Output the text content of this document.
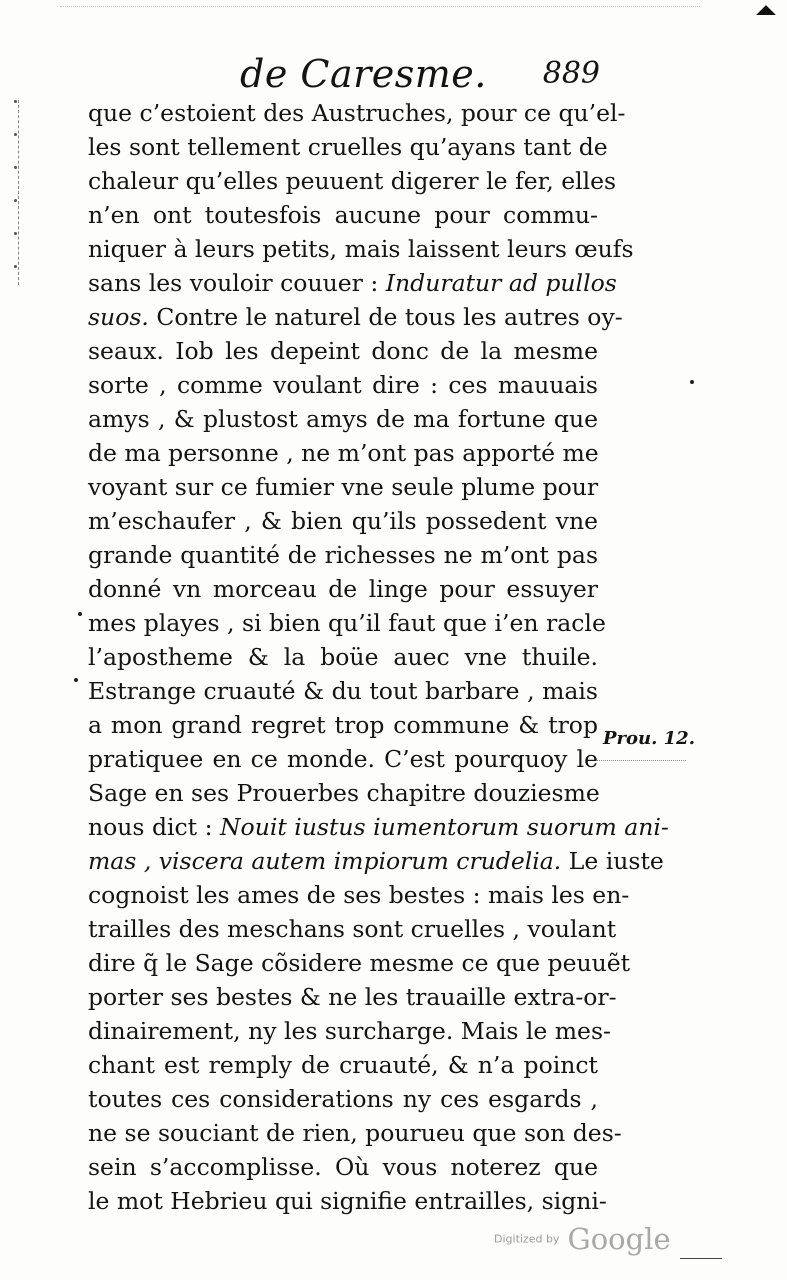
de Caresme. 889
que c’estoient des Austruches, pour ce qu’el-
les sont tellement cruelles qu’ayans tant de
chaleur qu’elles peuuent digerer le fer, elles
n’en ont toutesfois aucune pour commu-
niquer à leurs petits, mais laissent leurs œufs
sans les vouloir couuer : Induratur ad pullos
suos. Contre le naturel de tous les autres oy-
seaux. Iob les depeint donc de la mesme
sorte , comme voulant dire : ces mauuais
amys , & plustost amys de ma fortune que
de ma personne , ne m’ont pas apporté me
voyant sur ce fumier vne seule plume pour
m’eschaufer , & bien qu’ils possedent vne
grande quantité de richesses ne m’ont pas
donné vn morceau de linge pour essuyer
mes playes , si bien qu’il faut que i’en racle
l’apostheme & la boüe auec vne thuile.
Estrange cruauté & du tout barbare , mais
a mon grand regret trop commune & trop
pratiquee en ce monde. C’est pourquoy le
Sage en ses Prouerbes chapitre douziesme
nous dict : Nouit iustus iumentorum suorum ani-
mas , viscera autem impiorum crudelia. Le iuste
cognoist les ames de ses bestes : mais les en-
trailles des meschans sont cruelles , voulant
dire q̃ le Sage cõsidere mesme ce que peuuẽt
porter ses bestes & ne les trauaille extra-or-
dinairement, ny les surcharge. Mais le mes-
chant est remply de cruauté, & n’a poinct
toutes ces considerations ny ces esgards ,
ne se souciant de rien, pourueu que son des-
sein s’accomplisse. Où vous noterez que
le mot Hebrieu qui signifie entrailles, signi-
Prou. 12.
Digitized by Google
